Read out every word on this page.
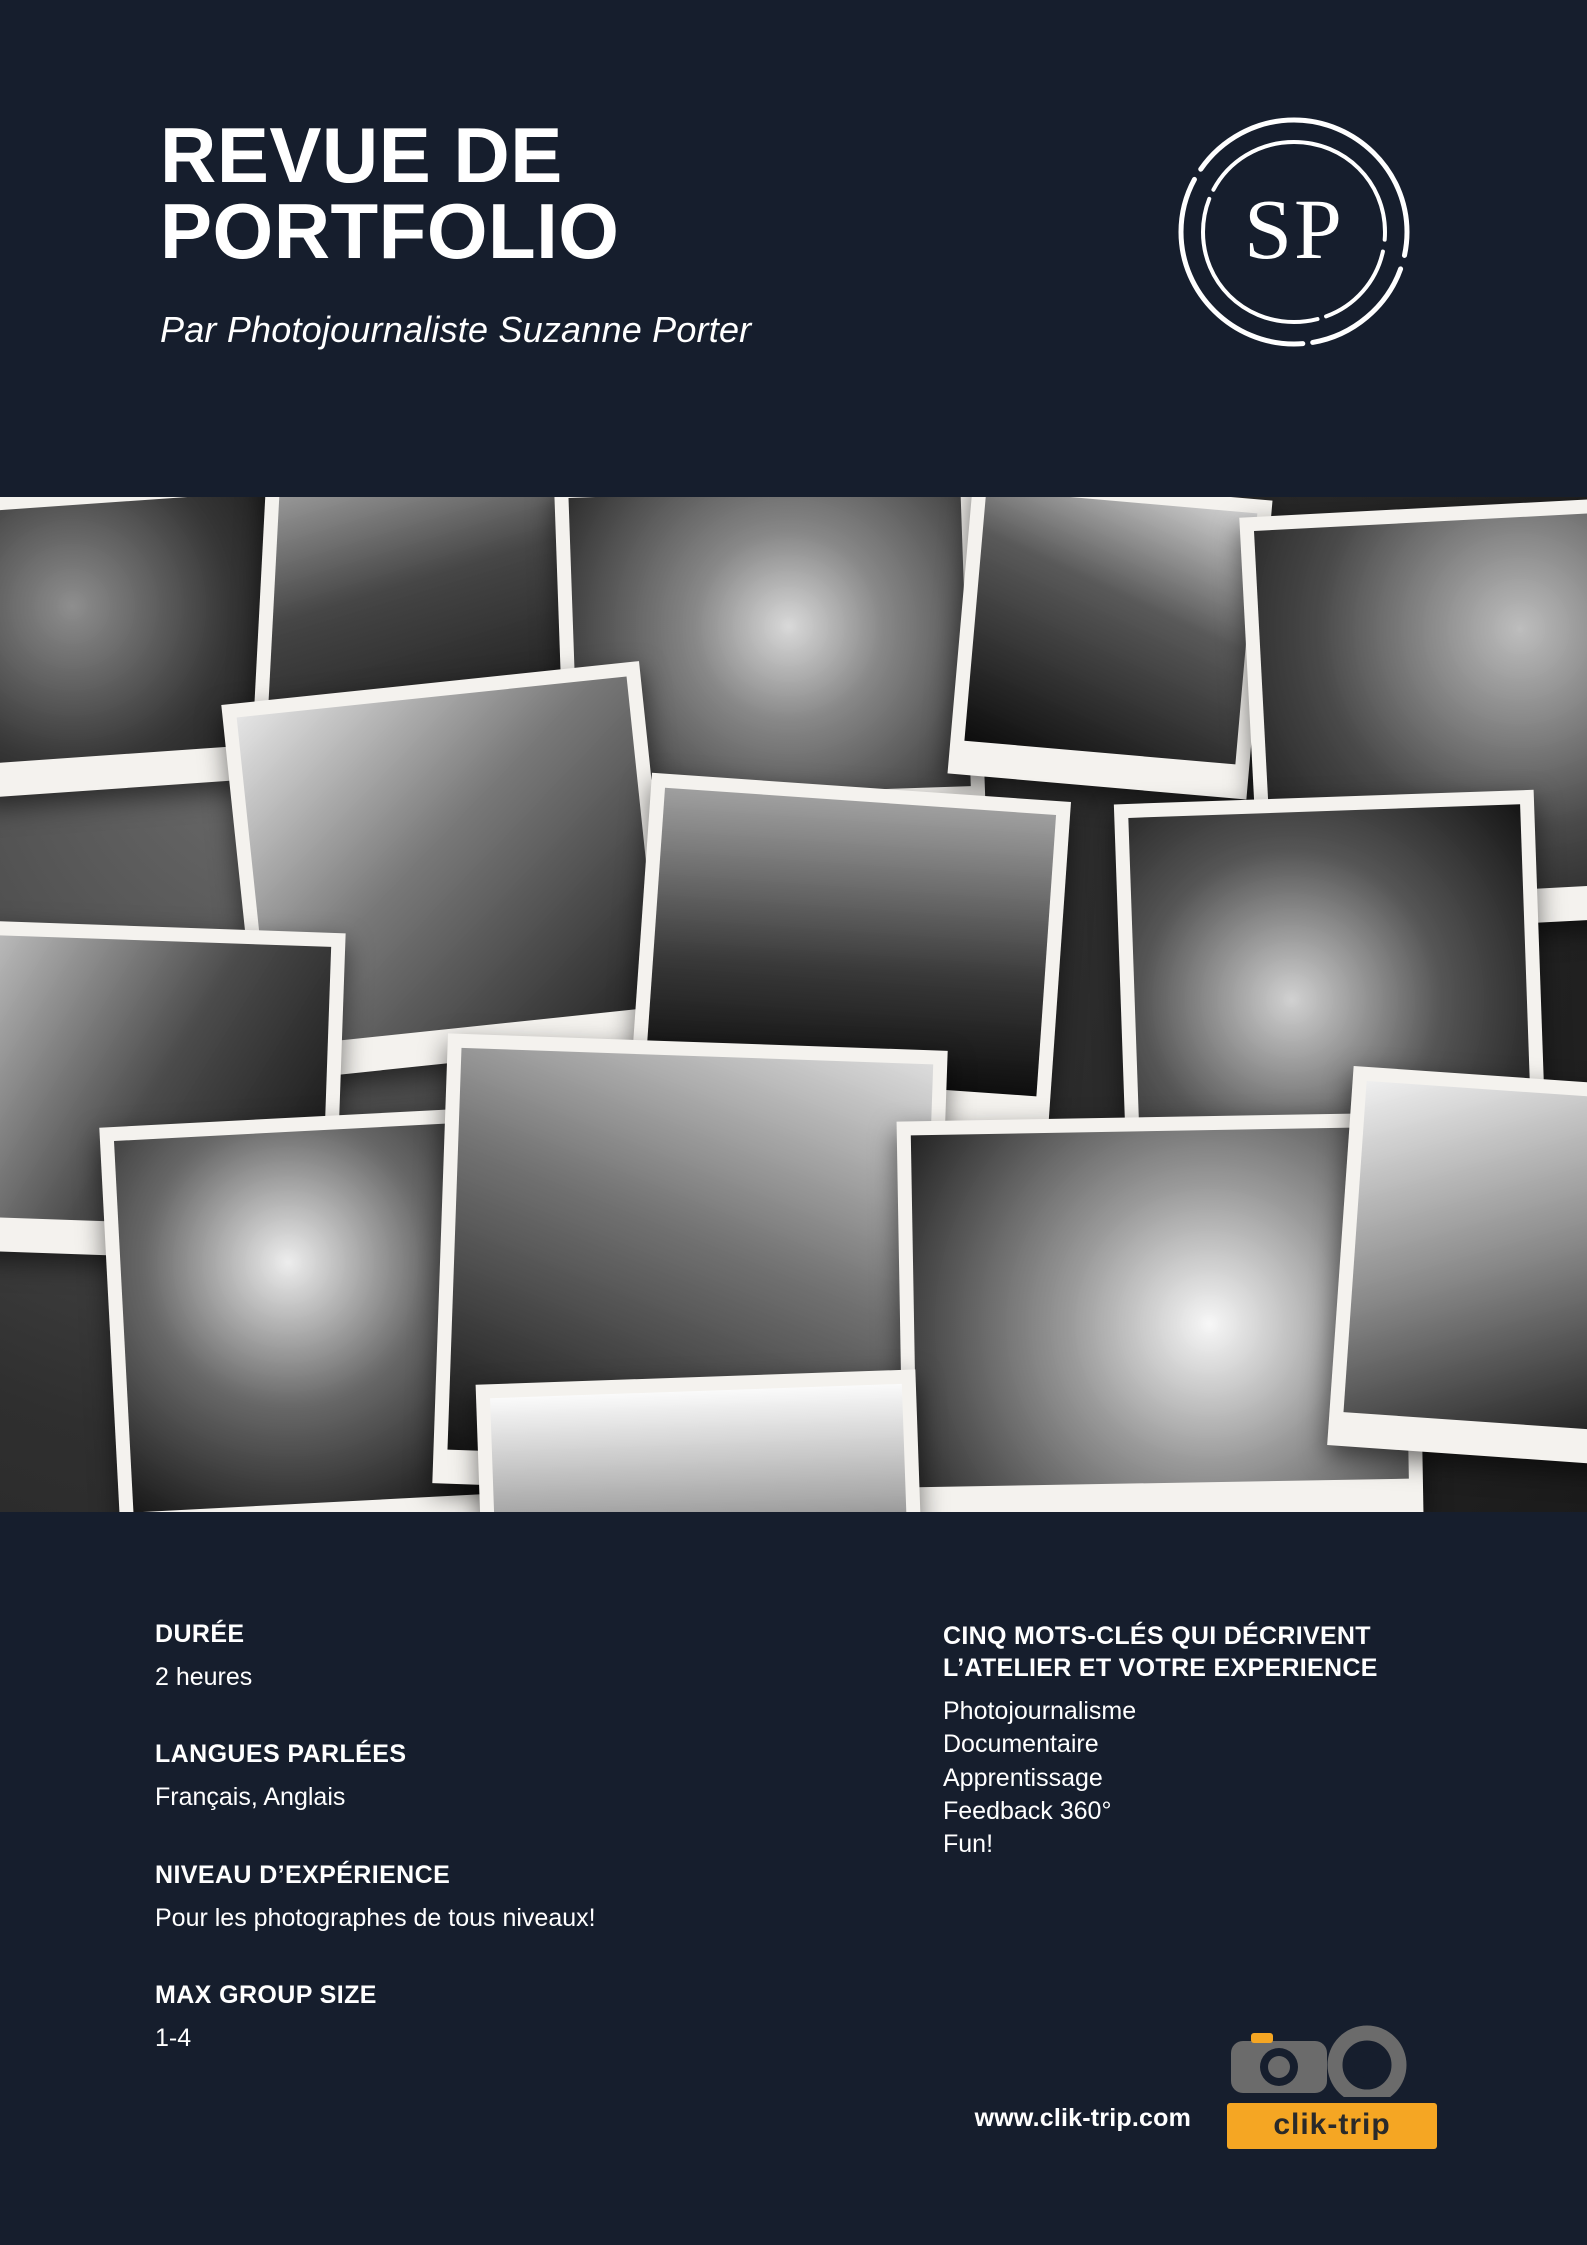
REVUE DE PORTFOLIO
Par Photojournaliste Suzanne Porter
SP
DURÉE
2 heures
LANGUES PARLÉES
Français, Anglais
NIVEAU D’EXPÉRIENCE
Pour les photographes de tous niveaux!
MAX GROUP SIZE
1-4
CINQ MOTS-CLÉS QUI DÉCRIVENT L’ATELIER ET VOTRE EXPERIENCE
Photojournalisme
Documentaire
Apprentissage
Feedback 360°
Fun!
www.clik-trip.com	clik-trip
